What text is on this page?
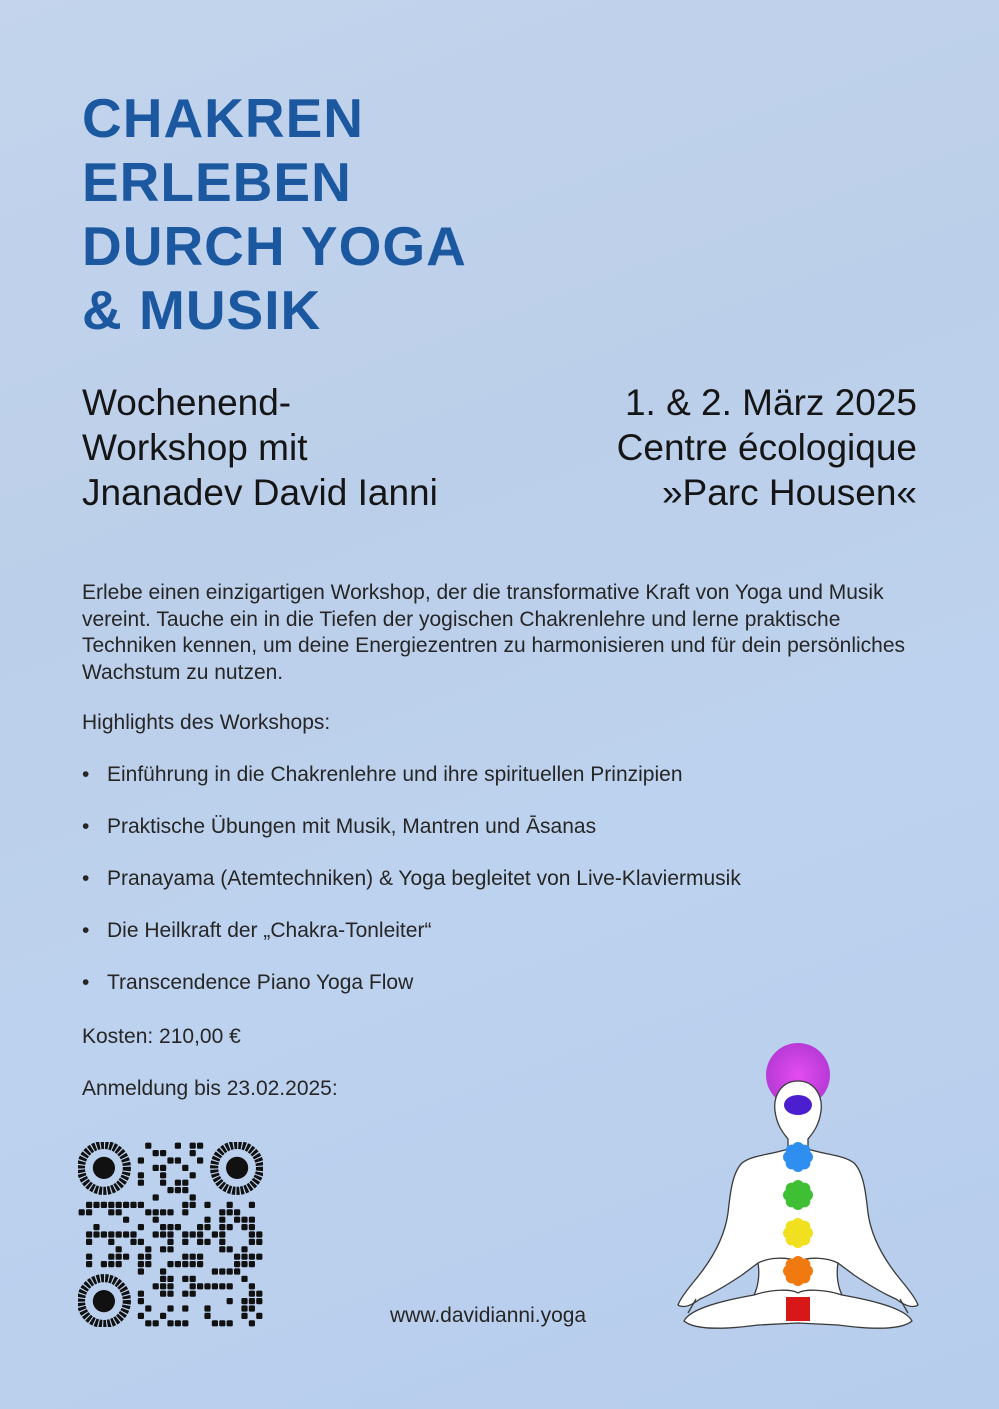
CHAKREN
ERLEBEN
DURCH YOGA
& MUSIK
Wochenend-
Workshop mit
Jnanadev David Ianni
1. & 2. März 2025
Centre écologique
»Parc Housen«

Erlebe einen einzigartigen Workshop, der die transformative Kraft von Yoga und Musik vereint. Tauche ein in die Tiefen der yogischen Chakrenlehre und lerne praktische Techniken kennen, um deine Energiezentren zu harmonisieren und für dein persönliches Wachstum zu nutzen.

Highlights des Workshops:

• Einführung in die Chakrenlehre und ihre spirituellen Prinzipien
• Praktische Übungen mit Musik, Mantren und Āsanas
• Pranayama (Atemtechniken) & Yoga begleitet von Live-Klaviermusik
• Die Heilkraft der „Chakra-Tonleiter“
• Transcendence Piano Yoga Flow

Kosten: 210,00 €

Anmeldung bis 23.02.2025:

www.davidianni.yoga
